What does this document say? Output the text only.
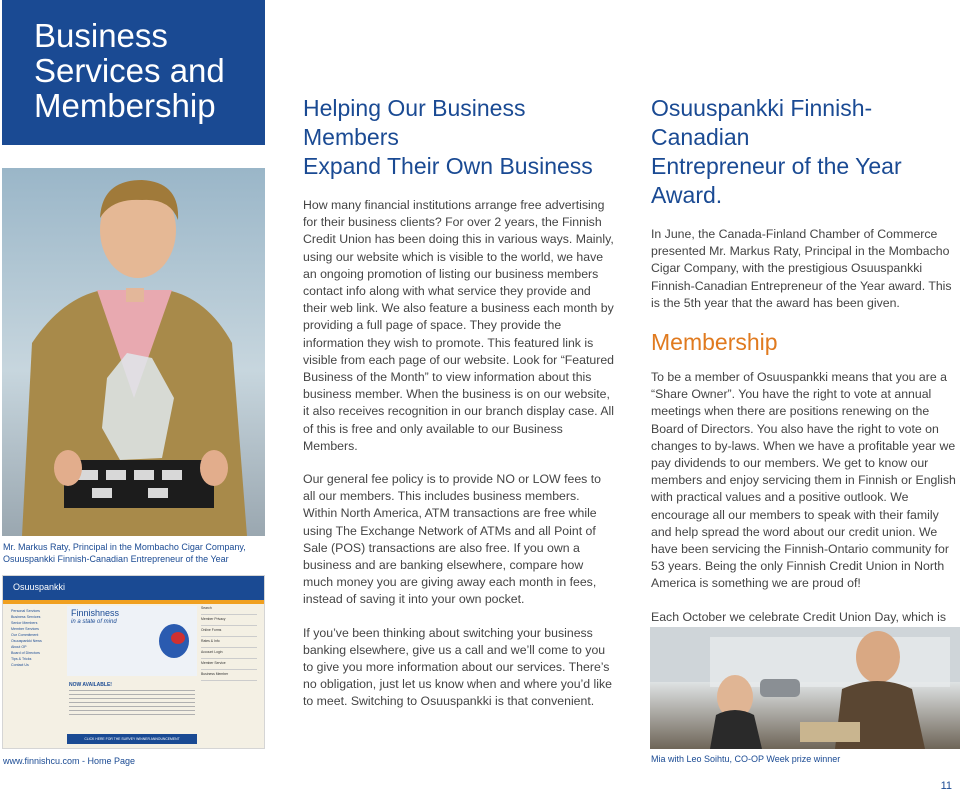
Business
Services and
Membership
Mr. Markus Raty, Principal in the Mombacho Cigar Company,
Osuuspankki Finnish-Canadian Entrepreneur of the Year
Osuuspankki
Personal Services
Business Services
Senior Members
Member Services
Our Commitment
Osuuspankki News
About OP
Board of Directors
Tips & Tricks
Contact Us
Finnishness
in a state of mind
NOW AVAILABLE!
CLICK HERE FOR THE SURVEY WINNER ANNOUNCEMENT
Search
Member Privacy
Online Forms
Rates & Info
Account Login
Member Service
Business Member
www.finnishcu.com - Home Page
Helping Our Business Members
Expand Their Own Business

How many financial institutions arrange free advertising for their business clients? For over 2 years, the Finnish Credit Union has been doing this in various ways. Mainly, using our website which is visible to the world, we have an ongoing promotion of listing our business members contact info along with what service they provide and their web link. We also feature a business each month by providing a full page of space. They provide the information they wish to promote. This featured link is visible from each page of our website. Look for “Featured Business of the Month” to view information about this business member. When the business is on our website, it also receives recognition in our branch display case. All of this is free and only available to our Business Members.

Our general fee policy is to provide NO or LOW fees to all our members. This includes business members. Within North America, ATM transactions are free while using The Exchange Network of ATMs and all Point of Sale (POS) transactions are also free. If you own a business and are banking elsewhere, compare how much money you are giving away each month in fees, instead of saving it into your own pocket.

If you’ve been thinking about switching your business banking elsewhere, give us a call and we’ll come to you to give you more information about our services. There’s no obligation, just let us know when and where you’d like to meet. Switching to Osuuspankki is that convenient.

Osuuspankki Finnish-Canadian
Entrepreneur of the Year Award.

In June, the Canada-Finland Chamber of Commerce presented Mr. Markus Raty, Principal in the Mombacho Cigar Company, with the prestigious Osuuspankki Finnish-Canadian Entrepreneur of the Year award. This is the 5th year that the award has been given.

Membership

To be a member of Osuuspankki means that you are a “Share Owner”. You have the right to vote at annual meetings when there are positions renewing on the Board of Directors. You also have the right to vote on changes to by-laws. When we have a profitable year we pay dividends to our members. We get to know our members and enjoy servicing them in Finnish or English with practical values and a positive outlook. We encourage all our members to speak with their family and help spread the word about our credit union. We have been servicing the Finnish-Ontario community for 53 years. Being the only Finnish Credit Union in North America is something we are proud of!

Each October we celebrate Credit Union Day, which is

Mia with Leo Soihtu, CO-OP Week prize winner
11
